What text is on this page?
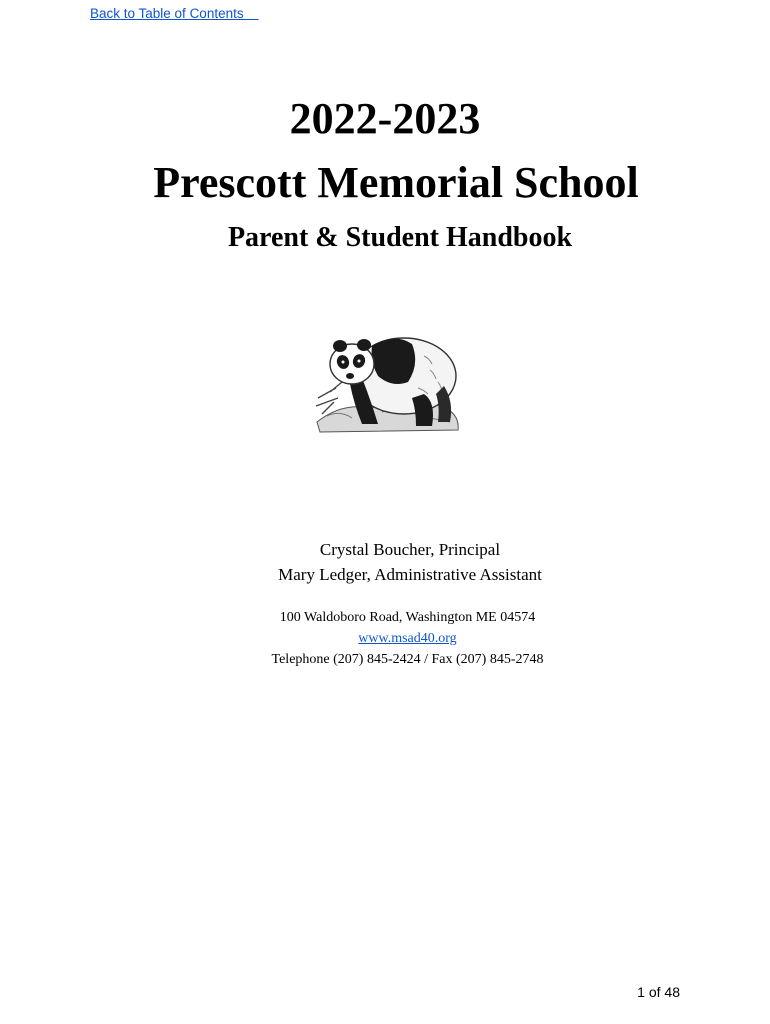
Back to Table of Contents
2022-2023
Prescott Memorial School
Parent & Student Handbook
Crystal Boucher, Principal
Mary Ledger, Administrative Assistant
100 Waldoboro Road, Washington ME 04574
www.msad40.org
Telephone (207) 845-2424 / Fax (207) 845-2748
1 of 48
